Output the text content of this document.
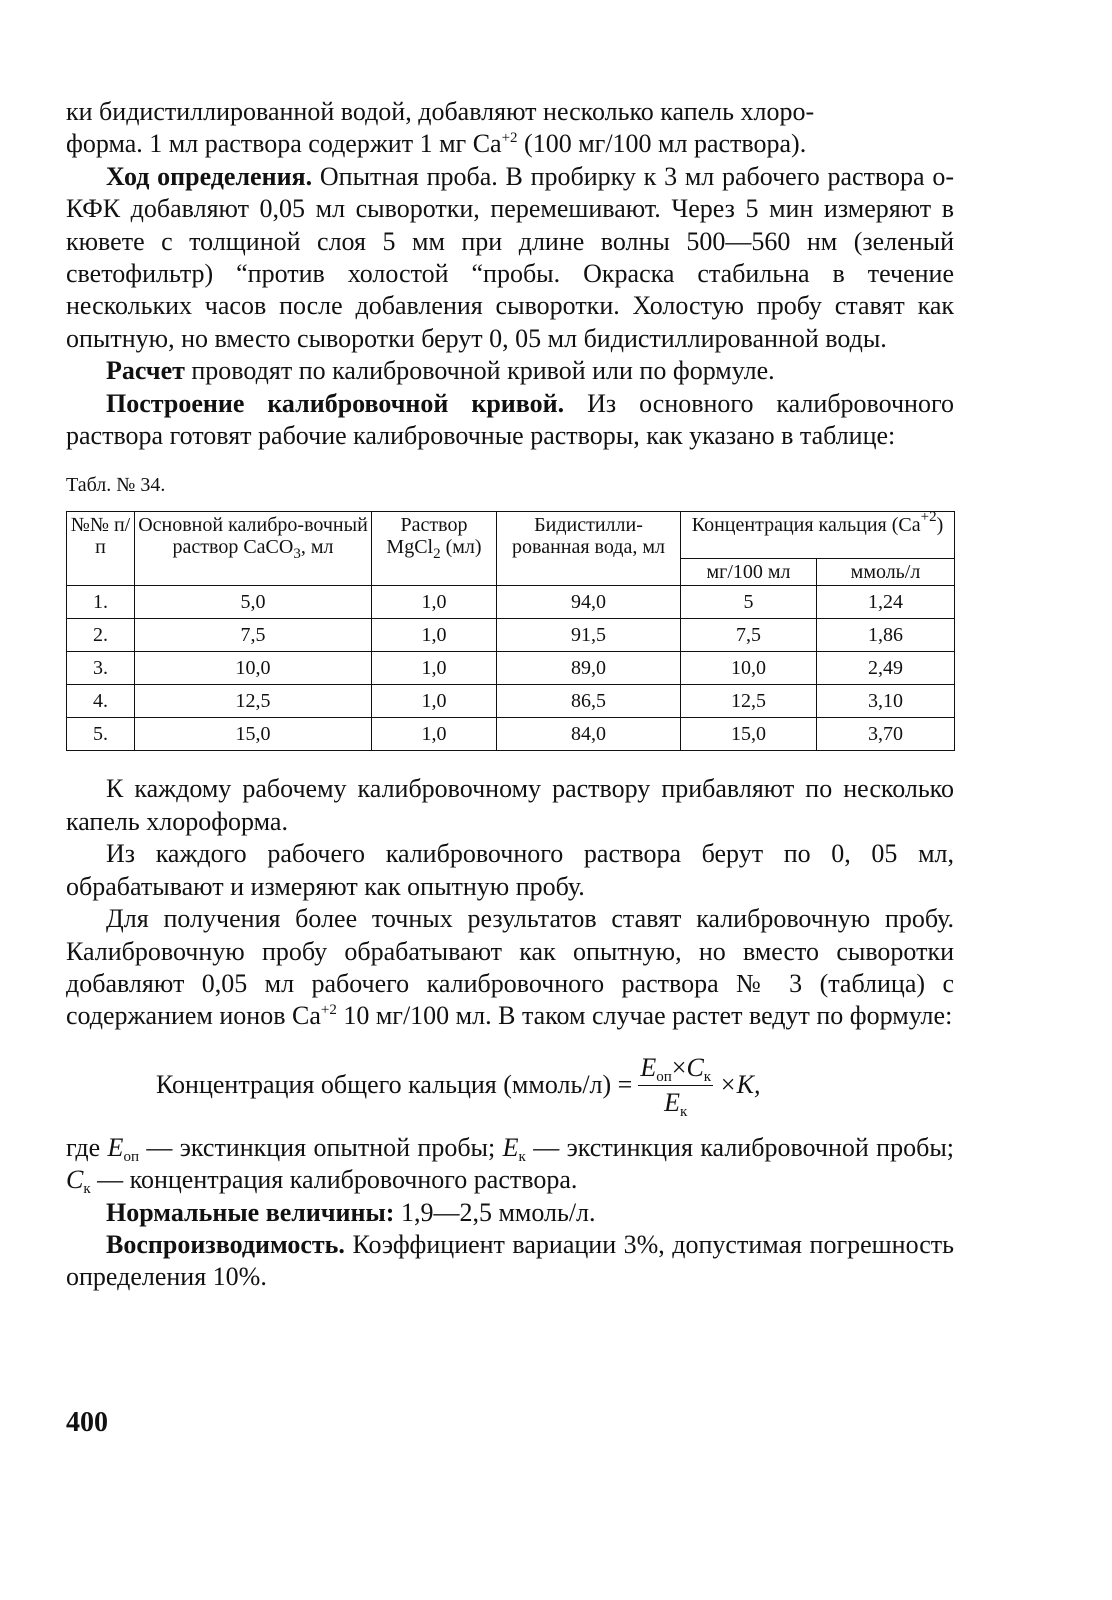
ки бидистиллированной водой, добавляют несколько капель хлоро-
форма. 1 мл раствора содержит 1 мг $Са^{+2}$ (100 мг/100 мл раствора).

Ход определения. Опытная проба. В пробирку к 3 мл рабочего раствора о-КФК добавляют 0,05 мл сыворотки, перемешивают. Через 5 мин измеряют в кювете с толщиной слоя 5 мм при длине волны 500—560 нм (зеленый светофильтр) “против холостой “пробы. Окраска стабильна в течение нескольких часов после добавления сыворотки. Холостую пробу ставят как опытную, но вместо сыворотки берут 0, 05 мл бидистиллированной воды.

Расчет проводят по калибровочной кривой или по формуле.

Построение калибровочной кривой. Из основного калибровочного раствора готовят рабочие калибровочные растворы, как указано в таблице:

Табл. № 34.
№№ п/п	Основной калибро-вочный раствор СаСО$_3$, мл	Раствор MgCl$_2$ (мл)	Бидистилли-рованная вода, мл	Концентрация кальция $(Са^{+2})$	
				мг/100 мл	ммоль/л
1.	5,0	1,0	94,0	5	1,24
2.	7,5	1,0	91,5	7,5	1,86
3.	10,0	1,0	89,0	10,0	2,49
4.	12,5	1,0	86,5	12,5	3,10
5.	15,0	1,0	84,0	15,0	3,70

К каждому рабочему калибровочному раствору прибавляют по несколько капель хлороформа.

Из каждого рабочего калибровочного раствора берут по 0, 05 мл, обрабатывают и измеряют как опытную пробу.

Для получения более точных результатов ставят калибровочную пробу. Калибровочную пробу обрабатывают как опытную, но вместо сыворотки добавляют 0,05 мл рабочего калибровочного раствора № 3 (таблица) с содержанием ионов $Са^{+2}$ 10 мг/100 мл. В таком случае растет ведут по формуле:

Концентрация общего кальция (ммоль/л) = $\frac{E_{оп}\times C_к}{E_к} \times K$,

где $E_{оп}$ — экстинкция опытной пробы; $E_к$ — экстинкция калибровочной пробы; $C_к$ — концентрация калибровочного раствора.

Нормальные величины: 1,9—2,5 ммоль/л.

Воспроизводимость. Коэффициент вариации 3%, допустимая погрешность определения 10%.

400
